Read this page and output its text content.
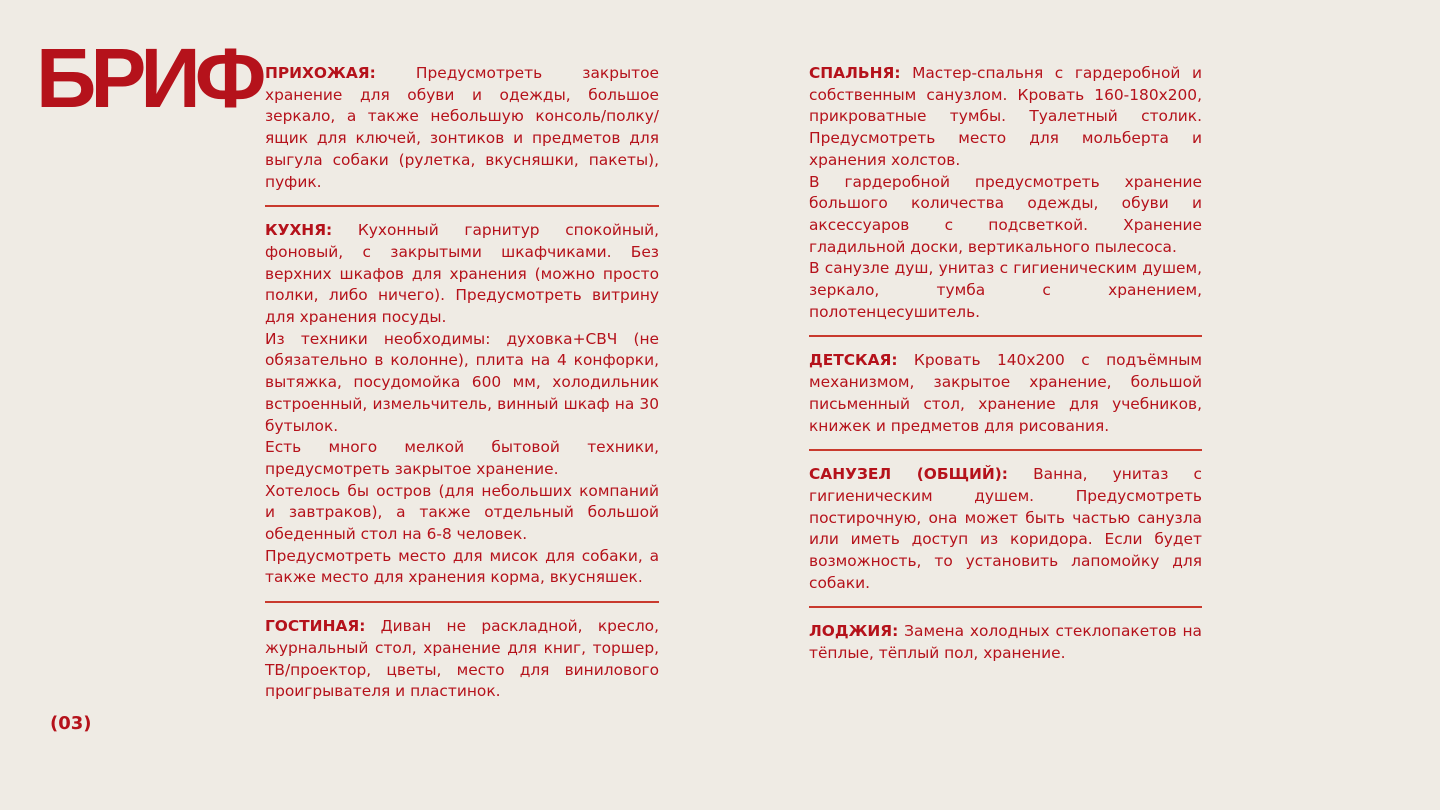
БРИФ
(03)

ПРИХОЖАЯ:	Предусмотреть закрытое хранение для обуви и одежды, большое зеркало, а также небольшую консоль/полку/ящик для ключей, зонтиков и предметов для выгула собаки (рулетка, вкусняшки, пакеты), пуфик.

КУХНЯ: Кухонный гарнитур спокойный, фоновый, с закрытыми шкафчиками. Без верхних шкафов для хранения (можно просто полки, либо ничего). Предусмотреть витрину для хранения посуды.

Из техники необходимы: духовка+СВЧ (не обязательно в колонне), плита на 4 конфорки, вытяжка, посудомойка 600 мм, холодильник встроенный, измельчитель, винный шкаф на 30 бутылок.

Есть много мелкой бытовой техники, предусмотреть закрытое хранение.

Хотелось бы остров (для небольших компаний и завтраков), а также отдельный большой обеденный стол на 6-8 человек.

Предусмотреть место для мисок для собаки, а также место для хранения корма, вкусняшек.

ГОСТИНАЯ: Диван не раскладной, кресло, журнальный стол, хранение для книг, торшер, ТВ/проектор, цветы, место для винилового проигрывателя и пластинок.

СПАЛЬНЯ: Мастер-спальня с гардеробной и собственным санузлом. Кровать 160-180х200, прикроватные тумбы. Туалетный столик. Предусмотреть место для мольберта и хранения холстов.

В гардеробной предусмотреть хранение большого количества одежды, обуви и аксессуаров с подсветкой. Хранение гладильной доски, вертикального пылесоса.

В санузле душ, унитаз с гигиеническим душем, зеркало, тумба с хранением, полотенцесушитель.

ДЕТСКАЯ: Кровать 140х200 с подъёмным механизмом, закрытое хранение, большой письменный стол, хранение для учебников, книжек и предметов для рисования.

САНУЗЕЛ (ОБЩИЙ): Ванна, унитаз с гигиеническим душем. Предусмотреть постирочную, она может быть частью санузла или иметь доступ из коридора. Если будет возможность, то установить лапомойку для собаки.

ЛОДЖИЯ: Замена холодных стеклопакетов на тёплые, тёплый пол, хранение.
